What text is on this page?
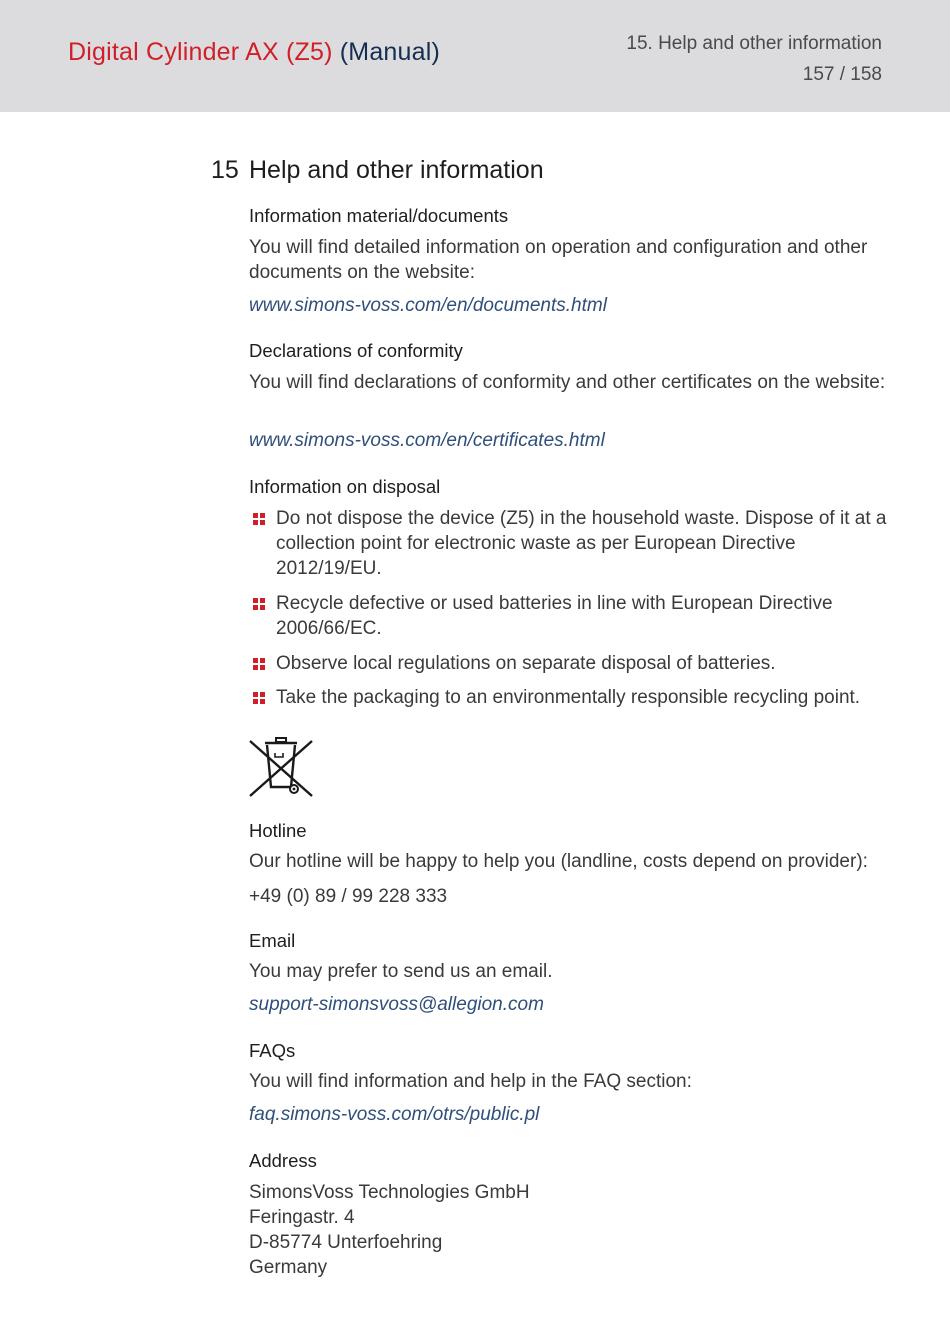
Digital Cylinder AX (Z5) (Manual)	15. Help and other information
157 / 158
15 Help and other information
Information material/documents
You will find detailed information on operation and configuration and other documents on the website:
www.simons-voss.com/en/documents.html
Declarations of conformity
You will find declarations of conformity and other certificates on the website:
www.simons-voss.com/en/certificates.html
Information on disposal
Do not dispose the device (Z5) in the household waste. Dispose of it at a collection point for electronic waste as per European Directive 2012/19/EU.
Recycle defective or used batteries in line with European Directive 2006/66/EC.
Observe local regulations on separate disposal of batteries.
Take the packaging to an environmentally responsible recycling point.
Hotline
Our hotline will be happy to help you (landline, costs depend on provider):
+49 (0) 89 / 99 228 333
Email
You may prefer to send us an email.
support-simonsvoss@allegion.com
FAQs
You will find information and help in the FAQ section:
faq.simons-voss.com/otrs/public.pl
Address
SimonsVoss Technologies GmbH
Feringastr. 4
D-85774 Unterfoehring
Germany
